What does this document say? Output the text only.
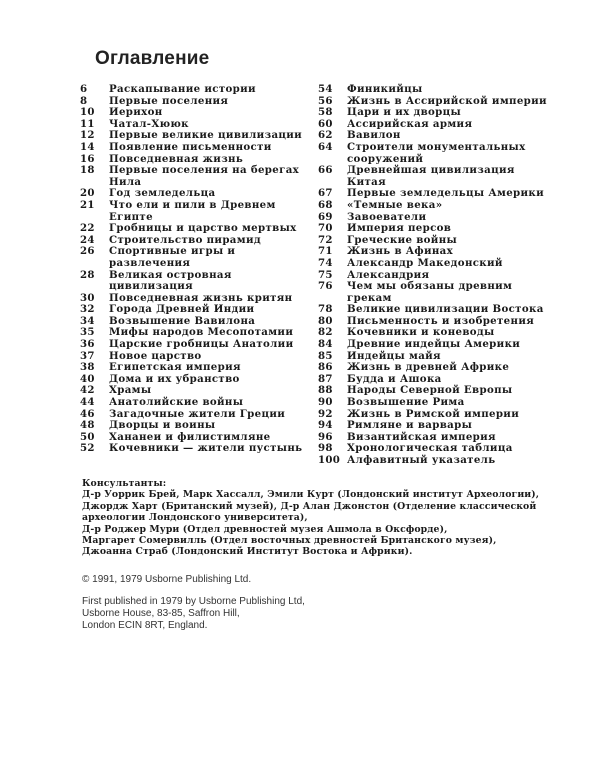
Оглавление
6	Раскапывание истории
8	Первые поселения
10	Иерихон
11	Чатал-Хююк
12	Первые великие цивилизации
14	Появление письменности
16	Повседневная жизнь
18	Первые поселения на берегах Нила
20	Год земледельца
21	Что ели и пили в Древнем Египте
22	Гробницы и царство мертвых
24	Строительство пирамид
26	Спортивные игры и развлечения
28	Великая островная цивилизация
30	Повседневная жизнь критян
32	Города Древней Индии
34	Возвышение Вавилона
35	Мифы народов Месопотамии
36	Царские гробницы Анатолии
37	Новое царство
38	Египетская империя
40	Дома и их убранство
42	Храмы
44	Анатолийские войны
46	Загадочные жители Греции
48	Дворцы и воины
50	Хананеи и филистимляне
52	Кочевники — жители пустынь
54	Финикийцы
56	Жизнь в Ассирийской империи
58	Цари и их дворцы
60	Ассирийская армия
62	Вавилон
64	Строители монументальных сооружений
66	Древнейшая цивилизация Китая
67	Первые земледельцы Америки
68	«Темные века»
69	Завоеватели
70	Империя персов
72	Греческие войны
71	Жизнь в Афинах
74	Александр Македонский
75	Александрия
76	Чем мы обязаны древним грекам
78	Великие цивилизации Востока
80	Письменность и изобретения
82	Кочевники и коневоды
84	Древние индейцы Америки
85	Индейцы майя
86	Жизнь в древней Африке
87	Будда и Ашока
88	Народы Северной Европы
90	Возвышение Рима
92	Жизнь в Римской империи
94	Римляне и варвары
96	Византийская империя
98	Хронологическая таблица
100 Алфавитный указатель
Консультанты:
Д-р Уоррик Брей, Марк Хассалл, Эмили Курт (Лондонский институт Археологии),
Джордж Харт (Британский музей), Д-р Алан Джонстон (Отделение классической
археологии Лондонского университета),
Д-р Роджер Мури (Отдел древностей музея Ашмола в Оксфорде),
Маргарет Сомервилль (Отдел восточных древностей Британского музея),
Джоанна Страб (Лондонский Институт Востока и Африки).
© 1991, 1979 Usborne Publishing Ltd.
First published in 1979 by Usborne Publishing Ltd,
Usborne House, 83-85, Saffron Hill,
London ECIN 8RT, England.
